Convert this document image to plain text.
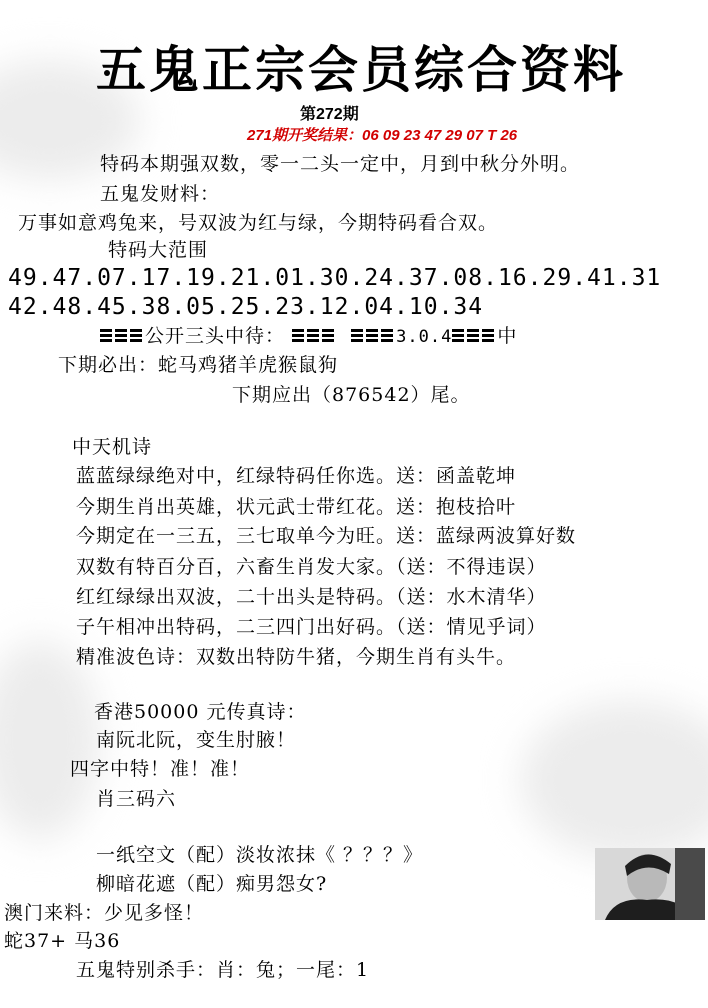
五鬼正宗会员综合资料
第272期
271期开奖结果：06 09 23 47 29 07 T 26
特码本期强双数，零一二头一定中，月到中秋分外明。
五鬼发财料：
万事如意鸡兔来，号双波为红与绿，今期特码看合双。
特码大范围
49.47.07.17.19.21.01.30.24.37.08.16.29.41.31
42.48.45.38.05.25.23.12.04.10.34
公开三头中待：	3.0.4 中
下期必出：蛇马鸡猪羊虎猴鼠狗
下期应出（876542）尾。
中天机诗
蓝蓝绿绿绝对中，红绿特码任你选。送：函盖乾坤
今期生肖出英雄，状元武士带红花。送：抱枝拾叶
今期定在一三五，三七取单今为旺。送：蓝绿两波算好数
双数有特百分百，六畜生肖发大家。（送：不得违误）
红红绿绿出双波，二十出头是特码。（送：水木清华）
子午相冲出特码，二三四门出好码。（送：情见乎词）
精准波色诗：双数出特防牛猪，今期生肖有头牛。
香港50000 元传真诗：
南阮北阮，变生肘腋！
四字中特！准！准！
肖三码六
一纸空文（配）淡妆浓抹《 ？？？》
柳暗花遮（配）痴男怨女?
澳门来料：少见多怪！
蛇37+ 马36
五鬼特别杀手：肖：兔；一尾：1
